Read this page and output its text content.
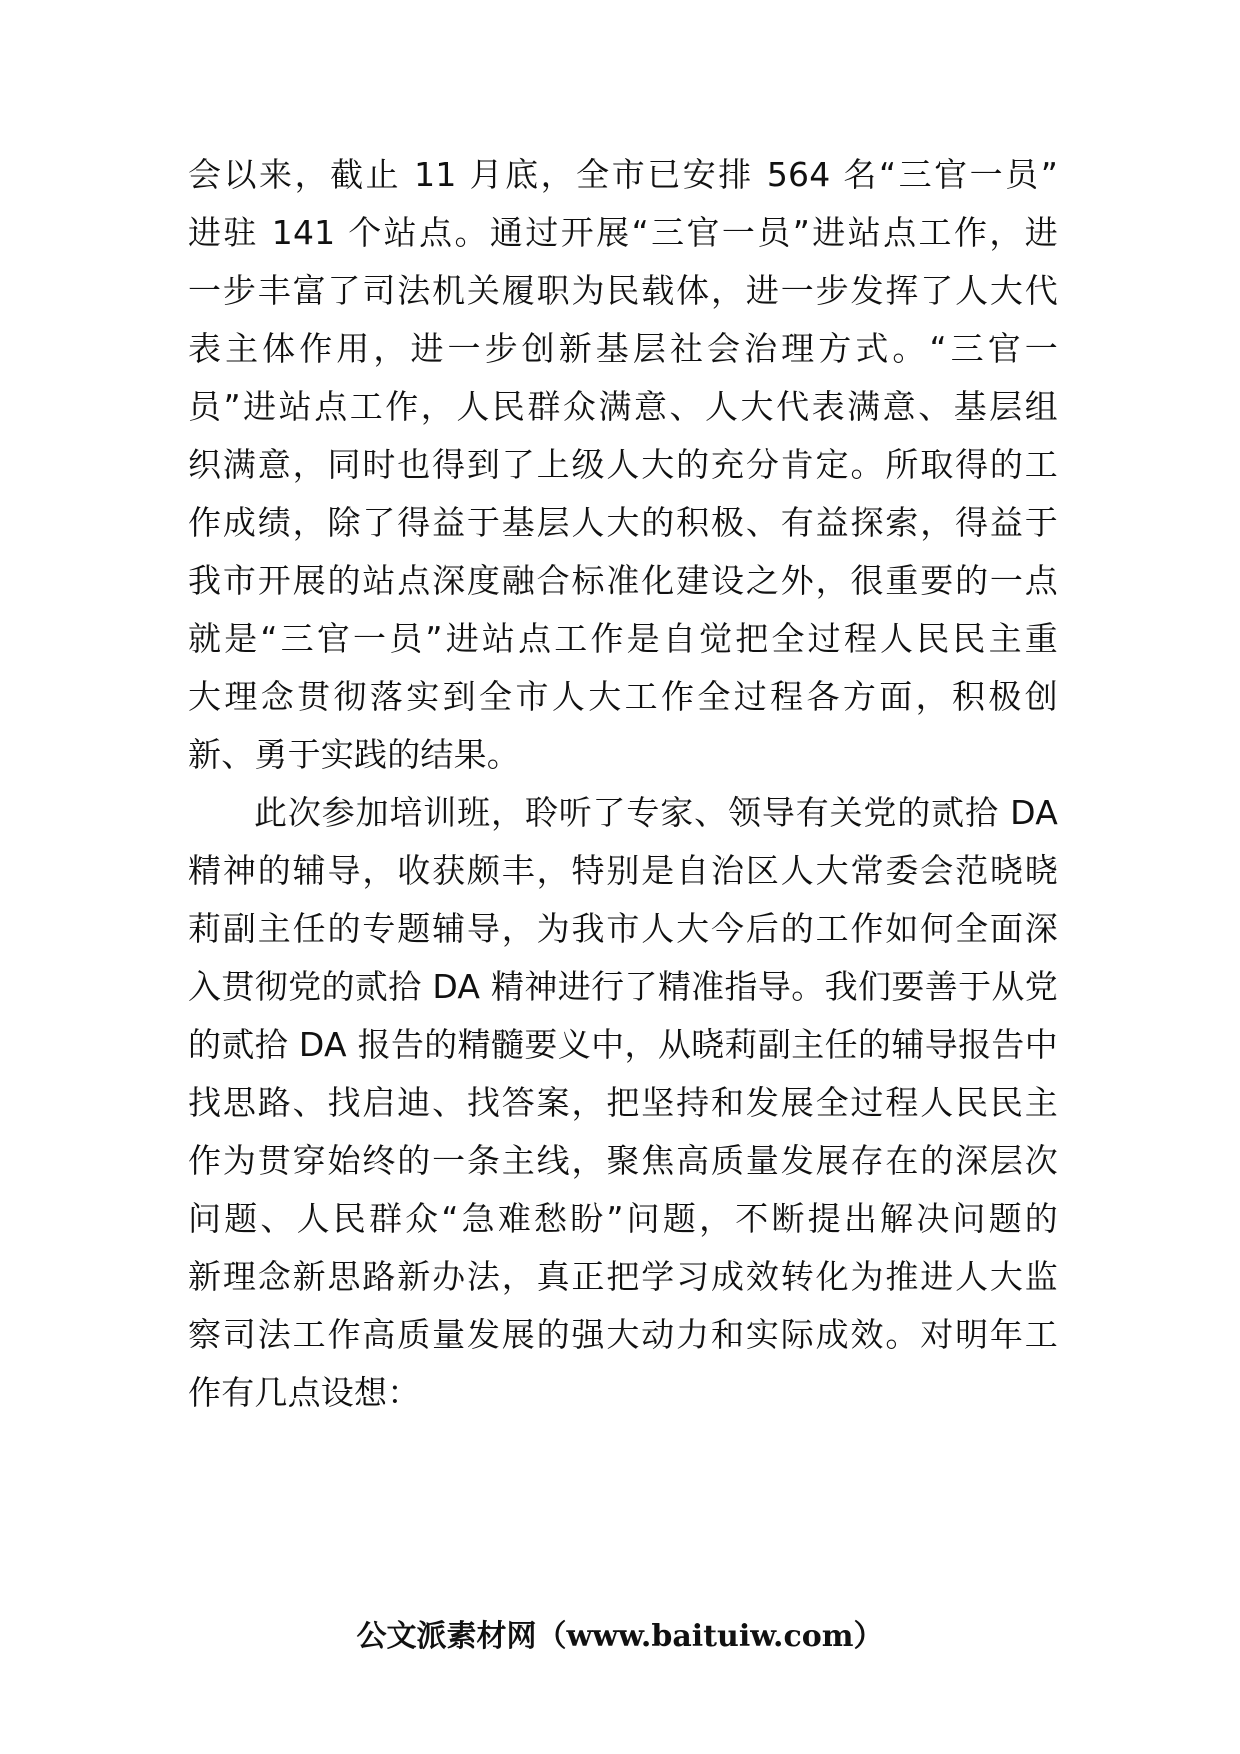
会以来，截止 11 月底，全市已安排 564 名“三官一员”
进驻 141 个站点。通过开展“三官一员”进站点工作，进
一步丰富了司法机关履职为民载体，进一步发挥了人大代
表主体作用，进一步创新基层社会治理方式。“三官一
员”进站点工作，人民群众满意、人大代表满意、基层组
织满意，同时也得到了上级人大的充分肯定。所取得的工
作成绩，除了得益于基层人大的积极、有益探索，得益于
我市开展的站点深度融合标准化建设之外，很重要的一点
就是“三官一员”进站点工作是自觉把全过程人民民主重
大理念贯彻落实到全市人大工作全过程各方面，积极创
新、勇于实践的结果。
此次参加培训班，聆听了专家、领导有关党的贰拾 DA
精神的辅导，收获颇丰，特别是自治区人大常委会范晓晓
莉副主任的专题辅导，为我市人大今后的工作如何全面深
入贯彻党的贰拾 DA 精神进行了精准指导。我们要善于从党
的贰拾 DA 报告的精髓要义中，从晓莉副主任的辅导报告中
找思路、找启迪、找答案，把坚持和发展全过程人民民主
作为贯穿始终的一条主线，聚焦高质量发展存在的深层次
问题、人民群众“急难愁盼”问题，不断提出解决问题的
新理念新思路新办法，真正把学习成效转化为推进人大监
察司法工作高质量发展的强大动力和实际成效。对明年工
作有几点设想：
公文派素材网（www.baituiw.com）
